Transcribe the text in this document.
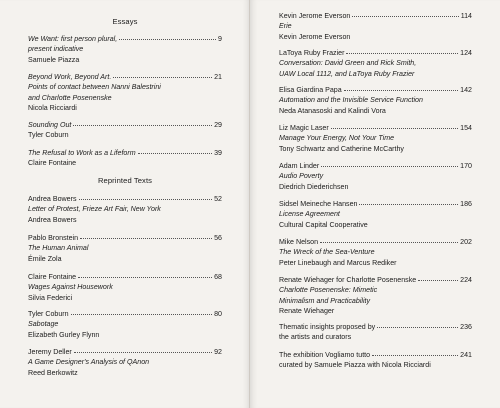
Essays
We Want: first person plural,	9
present indicative
Samuele Piazza
Beyond Work, Beyond Art.	21
Points of contact between Nanni Balestrini
and Charlotte Posenenske
Nicola Ricciardi
Sounding Out	29
Tyler Coburn
The Refusal to Work as a Lifeform	39
Claire Fontaine
Reprinted Texts
Andrea Bowers	52
Letter of Protest, Frieze Art Fair, New York
Andrea Bowers
Pablo Bronstein	56
The Human Animal
Émile Zola
Claire Fontaine	68
Wages Against Housework
Silvia Federici
Tyler Coburn	80
Sabotage
Elizabeth Gurley Flynn
Jeremy Deller	92
A Game Designer's Analysis of QAnon
Reed Berkowitz
Kevin Jerome Everson	114
Erie
Kevin Jerome Everson
LaToya Ruby Frazier	124
Conversation: David Green and Rick Smith,
UAW Local 1112, and LaToya Ruby Frazier
Elisa Giardina Papa	142
Automation and the Invisible Service Function
Neda Atanasoski and Kalindi Vora
Liz Magic Laser	154
Manage Your Energy, Not Your Time
Tony Schwartz and Catherine McCarthy
Adam Linder	170
Audio Poverty
Diedrich Diederichsen
Sidsel Meineche Hansen	186
License Agreement
Cultural Capital Cooperative
Mike Nelson	202
The Wreck of the Sea-Venture
Peter Linebaugh and Marcus Rediker
Renate Wiehager for Charlotte Posenenske	224
Charlotte Posenenske: Mimetic
Minimalism and Practicability
Renate Wiehager
Thematic insights proposed by	236
the artists and curators
The exhibition Vogliamo tutto	241
curated by Samuele Piazza with Nicola Ricciardi
